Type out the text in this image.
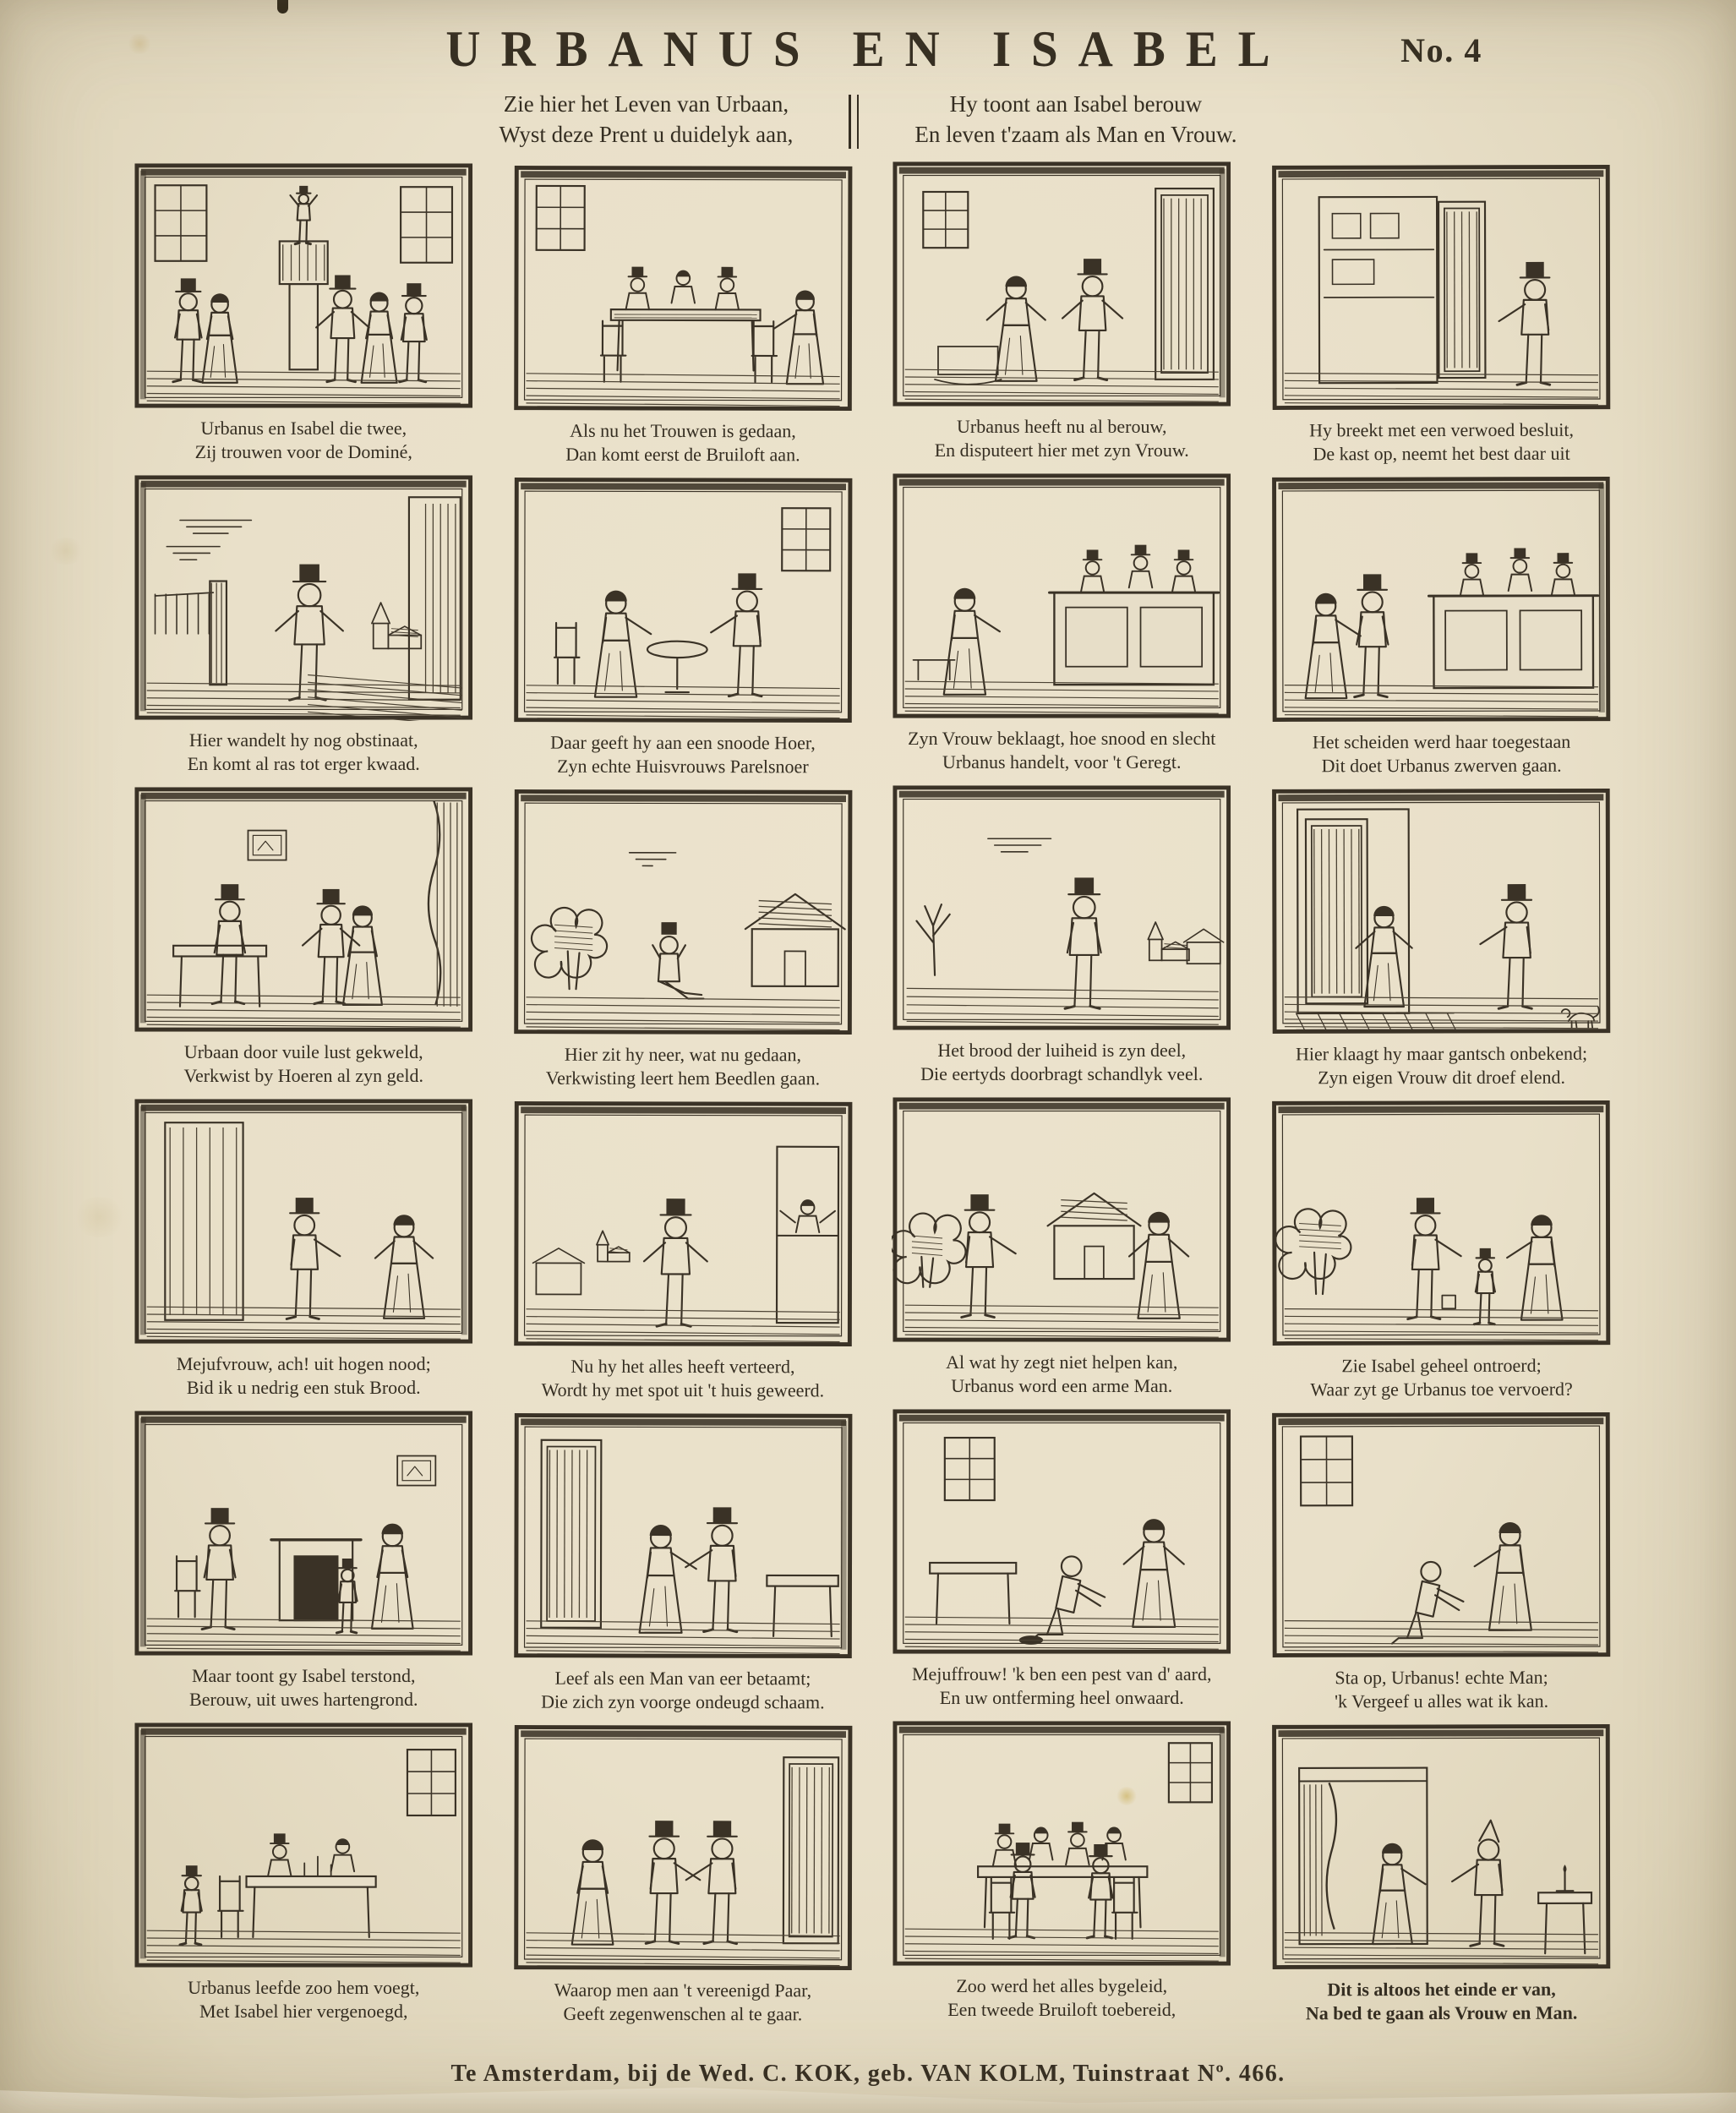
URBANUS EN ISABEL	No. 4
Zie hier het Leven van Urbaan,
Wyst deze Prent u duidelyk aan,
Hy toont aan Isabel berouw
En leven t'zaam als Man en Vrouw.
Urbanus en Isabel die twee,
Zij trouwen voor de Dominé,
Als nu het Trouwen is gedaan,
Dan komt eerst de Bruiloft aan.
Urbanus heeft nu al berouw,
En disputeert hier met zyn Vrouw.
Hy breekt met een verwoed besluit,
De kast op, neemt het best daar uit
Hier wandelt hy nog obstinaat,
En komt al ras tot erger kwaad.
Daar geeft hy aan een snoode Hoer,
Zyn echte Huisvrouws Parelsnoer
Zyn Vrouw beklaagt, hoe snood en slecht
Urbanus handelt, voor 't Geregt.
Het scheiden werd haar toegestaan
Dit doet Urbanus zwerven gaan.
Urbaan door vuile lust gekweld,
Verkwist by Hoeren al zyn geld.
Hier zit hy neer, wat nu gedaan,
Verkwisting leert hem Beedlen gaan.
Het brood der luiheid is zyn deel,
Die eertyds doorbragt schandlyk veel.
Hier klaagt hy maar gantsch onbekend;
Zyn eigen Vrouw dit droef elend.
Mejufvrouw, ach! uit hogen nood;
Bid ik u nedrig een stuk Brood.
Nu hy het alles heeft verteerd,
Wordt hy met spot uit 't huis geweerd.
Al wat hy zegt niet helpen kan,
Urbanus word een arme Man.
Zie Isabel geheel ontroerd;
Waar zyt ge Urbanus toe vervoerd?
Maar toont gy Isabel terstond,
Berouw, uit uwes hartengrond.
Leef als een Man van eer betaamt;
Die zich zyn voorge ondeugd schaam.
Mejuffrouw! 'k ben een pest van d' aard,
En uw ontferming heel onwaard.
Sta op, Urbanus! echte Man;
'k Vergeef u alles wat ik kan.
Urbanus leefde zoo hem voegt,
Met Isabel hier vergenoegd,
Waarop men aan 't vereenigd Paar,
Geeft zegenwenschen al te gaar.
Zoo werd het alles bygeleid,
Een tweede Bruiloft toebereid,
Dit is altoos het einde er van,
Na bed te gaan als Vrouw en Man.
Te Amsterdam, bij de Wed. C. KOK, geb. VAN KOLM, Tuinstraat Nº. 466.
